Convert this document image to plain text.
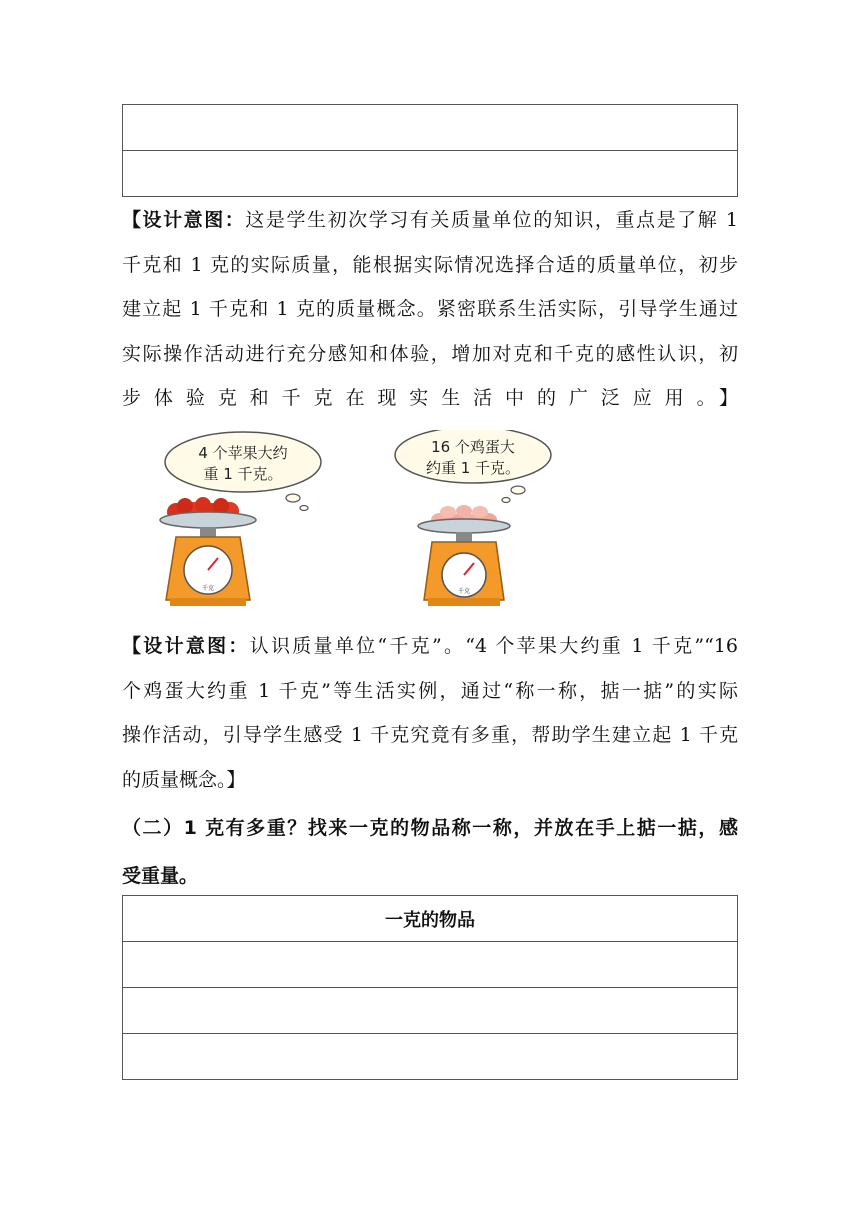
【设计意图：这是学生初次学习有关质量单位的知识，重点是了解 1
千克和 1 克的实际质量，能根据实际情况选择合适的质量单位，初步
建立起 1 千克和 1 克的质量概念。紧密联系生活实际，引导学生通过
实际操作活动进行充分感知和体验，增加对克和千克的感性认识，初
步体验克和千克在现实生活中的广泛应用。】
4 个苹果大约
重 1 千克。
千克
16 个鸡蛋大
约重 1 千克。
千克
【设计意图：认识质量单位“千克”。“4 个苹果大约重 1 千克”“16
个鸡蛋大约重 1 千克”等生活实例，通过“称一称，掂一掂”的实际
操作活动，引导学生感受 1 千克究竟有多重，帮助学生建立起 1 千克
的质量概念。】
（二）1 克有多重？找来一克的物品称一称，并放在手上掂一掂，感
受重量。
一克的物品
